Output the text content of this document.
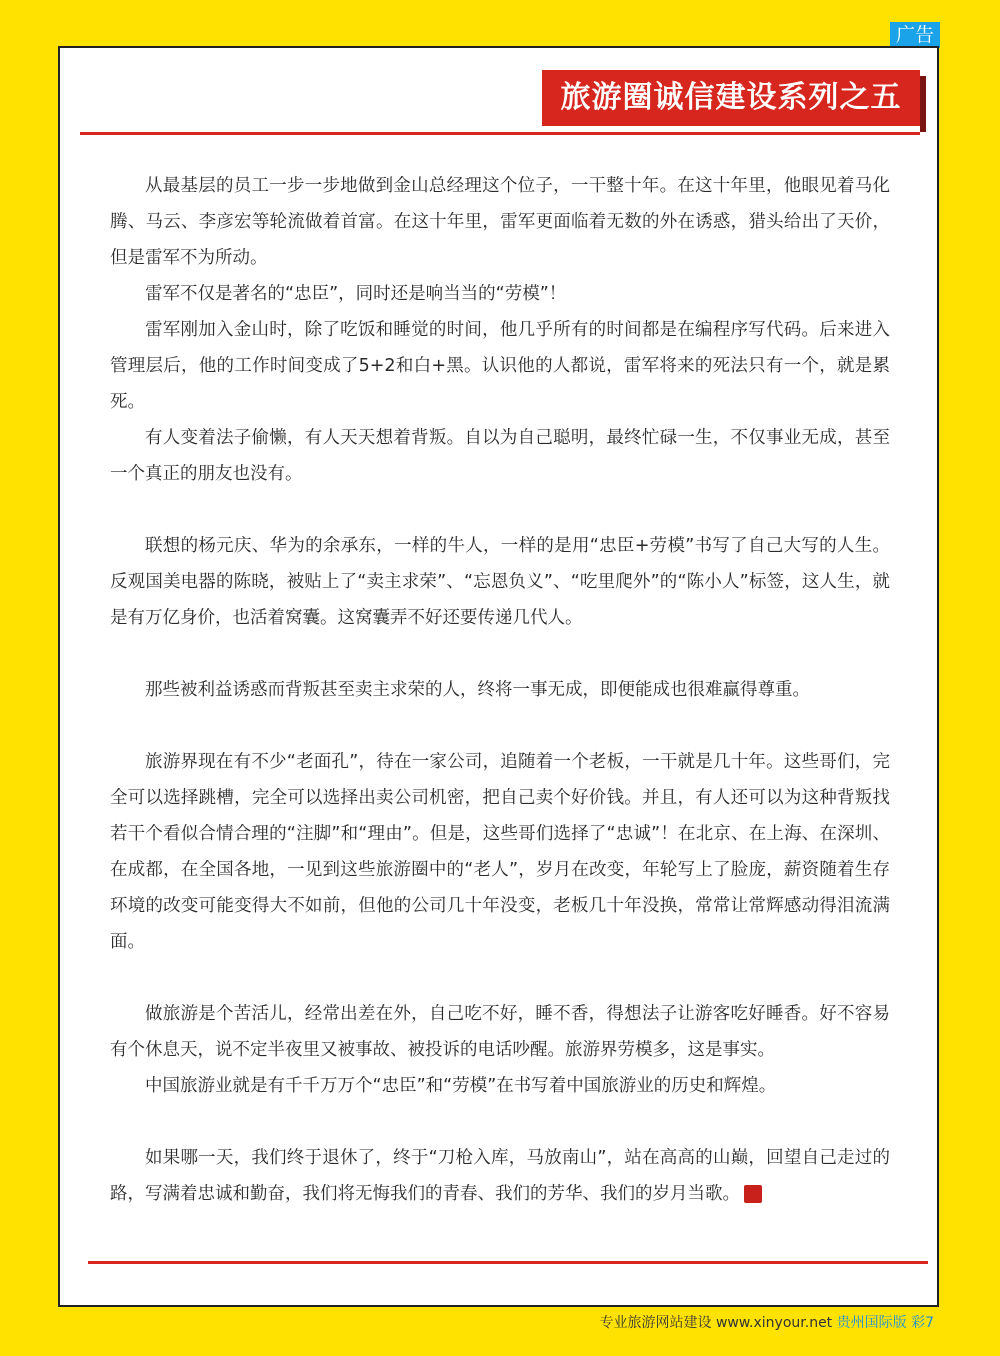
广告
旅游圈诚信建设系列之五

从最基层的员工一步一步地做到金山总经理这个位子，一干整十年。在这十年里，他眼见着马化腾、马云、李彦宏等轮流做着首富。在这十年里，雷军更面临着无数的外在诱惑，猎头给出了天价，但是雷军不为所动。

雷军不仅是著名的“忠臣”，同时还是响当当的“劳模”！

雷军刚加入金山时，除了吃饭和睡觉的时间，他几乎所有的时间都是在编程序写代码。后来进入管理层后，他的工作时间变成了5+2和白+黑。认识他的人都说，雷军将来的死法只有一个，就是累死。

有人变着法子偷懒，有人天天想着背叛。自以为自己聪明，最终忙碌一生，不仅事业无成，甚至一个真正的朋友也没有。

联想的杨元庆、华为的余承东，一样的牛人，一样的是用“忠臣+劳模”书写了自己大写的人生。反观国美电器的陈晓，被贴上了“卖主求荣”、“忘恩负义”、“吃里爬外”的“陈小人”标签，这人生，就是有万亿身价，也活着窝囊。这窝囊弄不好还要传递几代人。

那些被利益诱惑而背叛甚至卖主求荣的人，终将一事无成，即便能成也很难赢得尊重。

旅游界现在有不少“老面孔”，待在一家公司，追随着一个老板，一干就是几十年。这些哥们，完全可以选择跳槽，完全可以选择出卖公司机密，把自己卖个好价钱。并且，有人还可以为这种背叛找若干个看似合情合理的“注脚”和“理由”。但是，这些哥们选择了“忠诚”！在北京、在上海、在深圳、在成都，在全国各地，一见到这些旅游圈中的“老人”，岁月在改变，年轮写上了脸庞，薪资随着生存环境的改变可能变得大不如前，但他的公司几十年没变，老板几十年没换，常常让常辉感动得泪流满面。

做旅游是个苦活儿，经常出差在外，自己吃不好，睡不香，得想法子让游客吃好睡香。好不容易有个休息天，说不定半夜里又被事故、被投诉的电话吵醒。旅游界劳模多，这是事实。

中国旅游业就是有千千万万个“忠臣”和“劳模”在书写着中国旅游业的历史和辉煌。

如果哪一天，我们终于退休了，终于“刀枪入库，马放南山”，站在高高的山巅，回望自己走过的路，写满着忠诚和勤奋，我们将无悔我们的青春、我们的芳华、我们的岁月当歌。	信

专业旅游网站建设 www.xinyour.net 贵州国际版 彩7
